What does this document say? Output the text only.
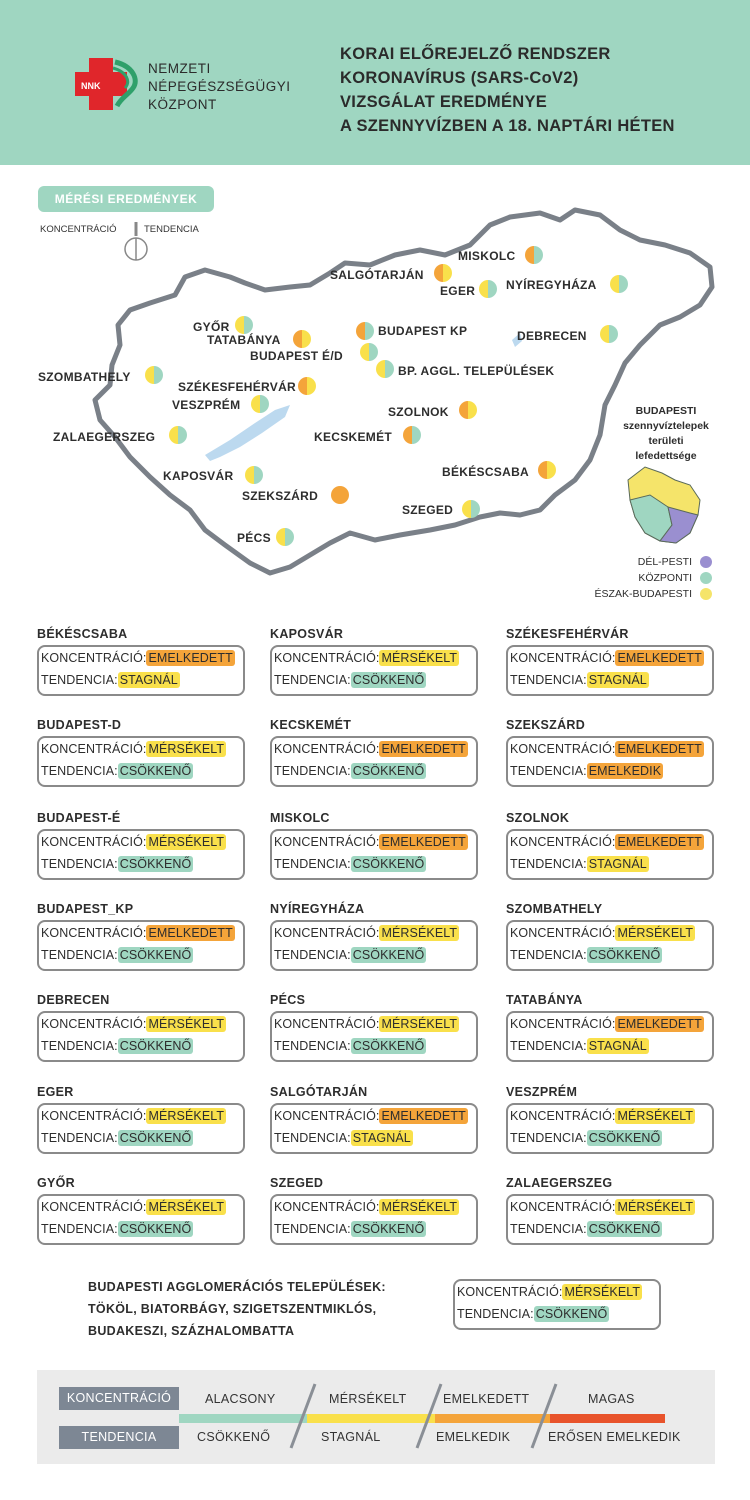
NNK
NEMZETI
NÉPEGÉSZSÉGÜGYI
KÖZPONT
KORAI ELŐREJELZŐ RENDSZER
KORONAVÍRUS (SARS-CoV2)
VIZSGÁLAT EREDMÉNYE
A SZENNYVÍZBEN A 18. NAPTÁRI HÉTEN
MÉRÉSI EREDMÉNYEK
KONCENTRÁCIÓ	TENDENCIA
MISKOLC
SALGÓTARJÁN
EGER	NYÍREGYHÁZA
GYŐR
TATABÁNYA
BUDAPEST KP
BUDAPEST É/D
BP. AGGL. TELEPÜLÉSEK
DEBRECEN
SZOMBATHELY
SZÉKESFEHÉRVÁR
VESZPRÉM	SZOLNOK
ZALAEGERSZEG	KECSKEMÉT
BÉKÉSCSABA
KAPOSVÁR
SZEKSZÁRD
SZEGED
PÉCS
BUDAPESTI
szennyvíztelepek
területi
lefedettsége
DÉL-PESTI
KÖZPONTI
ÉSZAK-BUDAPESTI
BÉKÉSCSABA
KONCENTRÁCIÓ: EMELKEDETT
TENDENCIA: STAGNÁL
KAPOSVÁR
KONCENTRÁCIÓ: MÉRSÉKELT
TENDENCIA: CSÖKKENŐ
SZÉKESFEHÉRVÁR
KONCENTRÁCIÓ: EMELKEDETT
TENDENCIA: STAGNÁL
BUDAPEST-D
KONCENTRÁCIÓ: MÉRSÉKELT
TENDENCIA: CSÖKKENŐ
KECSKEMÉT
KONCENTRÁCIÓ: EMELKEDETT
TENDENCIA: CSÖKKENŐ
SZEKSZÁRD
KONCENTRÁCIÓ: EMELKEDETT
TENDENCIA: EMELKEDIK
BUDAPEST-É
KONCENTRÁCIÓ: MÉRSÉKELT
TENDENCIA: CSÖKKENŐ
MISKOLC
KONCENTRÁCIÓ: EMELKEDETT
TENDENCIA: CSÖKKENŐ
SZOLNOK
KONCENTRÁCIÓ: EMELKEDETT
TENDENCIA: STAGNÁL
BUDAPEST_KP
KONCENTRÁCIÓ: EMELKEDETT
TENDENCIA: CSÖKKENŐ
NYÍREGYHÁZA
KONCENTRÁCIÓ: MÉRSÉKELT
TENDENCIA: CSÖKKENŐ
SZOMBATHELY
KONCENTRÁCIÓ: MÉRSÉKELT
TENDENCIA: CSÖKKENŐ
DEBRECEN
KONCENTRÁCIÓ: MÉRSÉKELT
TENDENCIA: CSÖKKENŐ
PÉCS
KONCENTRÁCIÓ: MÉRSÉKELT
TENDENCIA: CSÖKKENŐ
TATABÁNYA
KONCENTRÁCIÓ: EMELKEDETT
TENDENCIA: STAGNÁL
EGER
KONCENTRÁCIÓ: MÉRSÉKELT
TENDENCIA: CSÖKKENŐ
SALGÓTARJÁN
KONCENTRÁCIÓ: EMELKEDETT
TENDENCIA: STAGNÁL
VESZPRÉM
KONCENTRÁCIÓ: MÉRSÉKELT
TENDENCIA: CSÖKKENŐ
GYŐR
KONCENTRÁCIÓ: MÉRSÉKELT
TENDENCIA: CSÖKKENŐ
SZEGED
KONCENTRÁCIÓ: MÉRSÉKELT
TENDENCIA: CSÖKKENŐ
ZALAEGERSZEG
KONCENTRÁCIÓ: MÉRSÉKELT
TENDENCIA: CSÖKKENŐ
BUDAPESTI AGGLOMERÁCIÓS TELEPÜLÉSEK:
TÖKÖL, BIATORBÁGY, SZIGETSZENTMIKLÓS,
BUDAKESZI, SZÁZHALOMBATTA
KONCENTRÁCIÓ: MÉRSÉKELT
TENDENCIA: CSÖKKENŐ
KONCENTRÁCIÓ
TENDENCIA
ALACSONY	MÉRSÉKELT	EMELKEDETT	MAGAS
CSÖKKENŐ	STAGNÁL	EMELKEDIK	ERŐSEN EMELKEDIK
